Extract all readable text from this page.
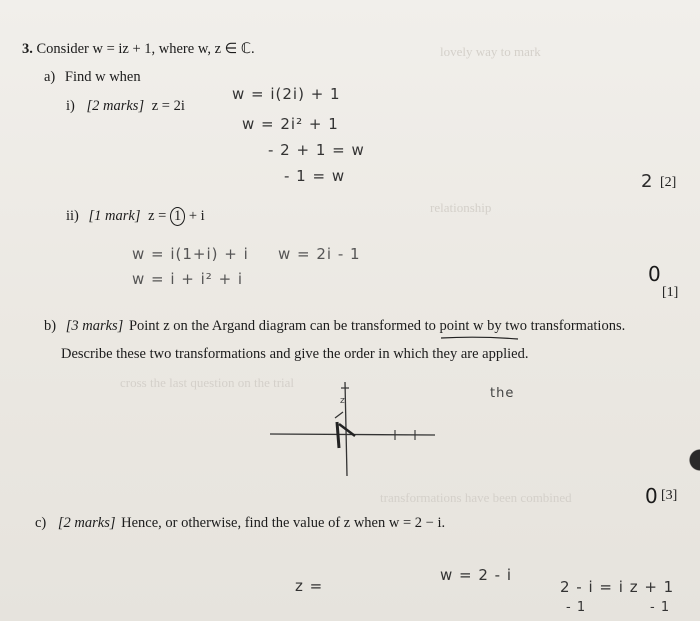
lovely way to mark
relationship
cross the last question on the trial
transformations have been combined
3. Consider w = iz + 1, where w, z ∈ ℂ.
a) Find w when
i) [2 marks] z = 2i
w = i(2i) + 1
w = 2i² + 1
- 2 + 1 = w
- 1 = w	2 [2]
ii) [1 mark] z = 1 + i
w = i(1+i) + i
w = i + i² + i
w = 2i - 1
0
[1]
b) [3 marks] Point z on the Argand diagram can be transformed to point w by two transformations.
Describe these two transformations and give the order in which they are applied.
z	the
0 [3]
c) [2 marks] Hence, or otherwise, find the value of z when w = 2 − i.
z =
w = 2 - i
2 - i = i z + 1
- 1	- 1
